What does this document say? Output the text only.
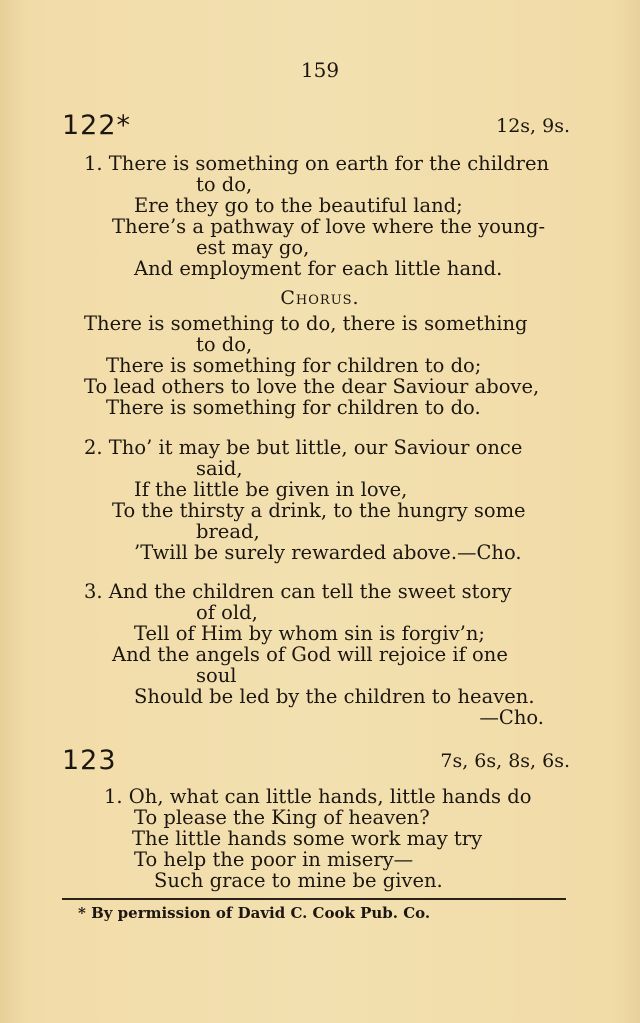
159
122*	12s, 9s.
1. There is something on earth for the children
to do,
Ere they go to the beautiful land;
There’s a pathway of love where the young-
est may go,
And employment for each little hand.
Chorus.
There is something to do, there is something
to do,
There is something for children to do;
To lead others to love the dear Saviour above,
There is something for children to do.
2. Tho’ it may be but little, our Saviour once
said,
If the little be given in love,
To the thirsty a drink, to the hungry some
bread,
’Twill be surely rewarded above.—Cho.
3. And the children can tell the sweet story
of old,
Tell of Him by whom sin is forgiv’n;
And the angels of God will rejoice if one
soul
Should be led by the children to heaven.
—Cho.
123	7s, 6s, 8s, 6s.
1. Oh, what can little hands, little hands do
To please the King of heaven?
The little hands some work may try
To help the poor in misery—
Such grace to mine be given.
* By permission of David C. Cook Pub. Co.
